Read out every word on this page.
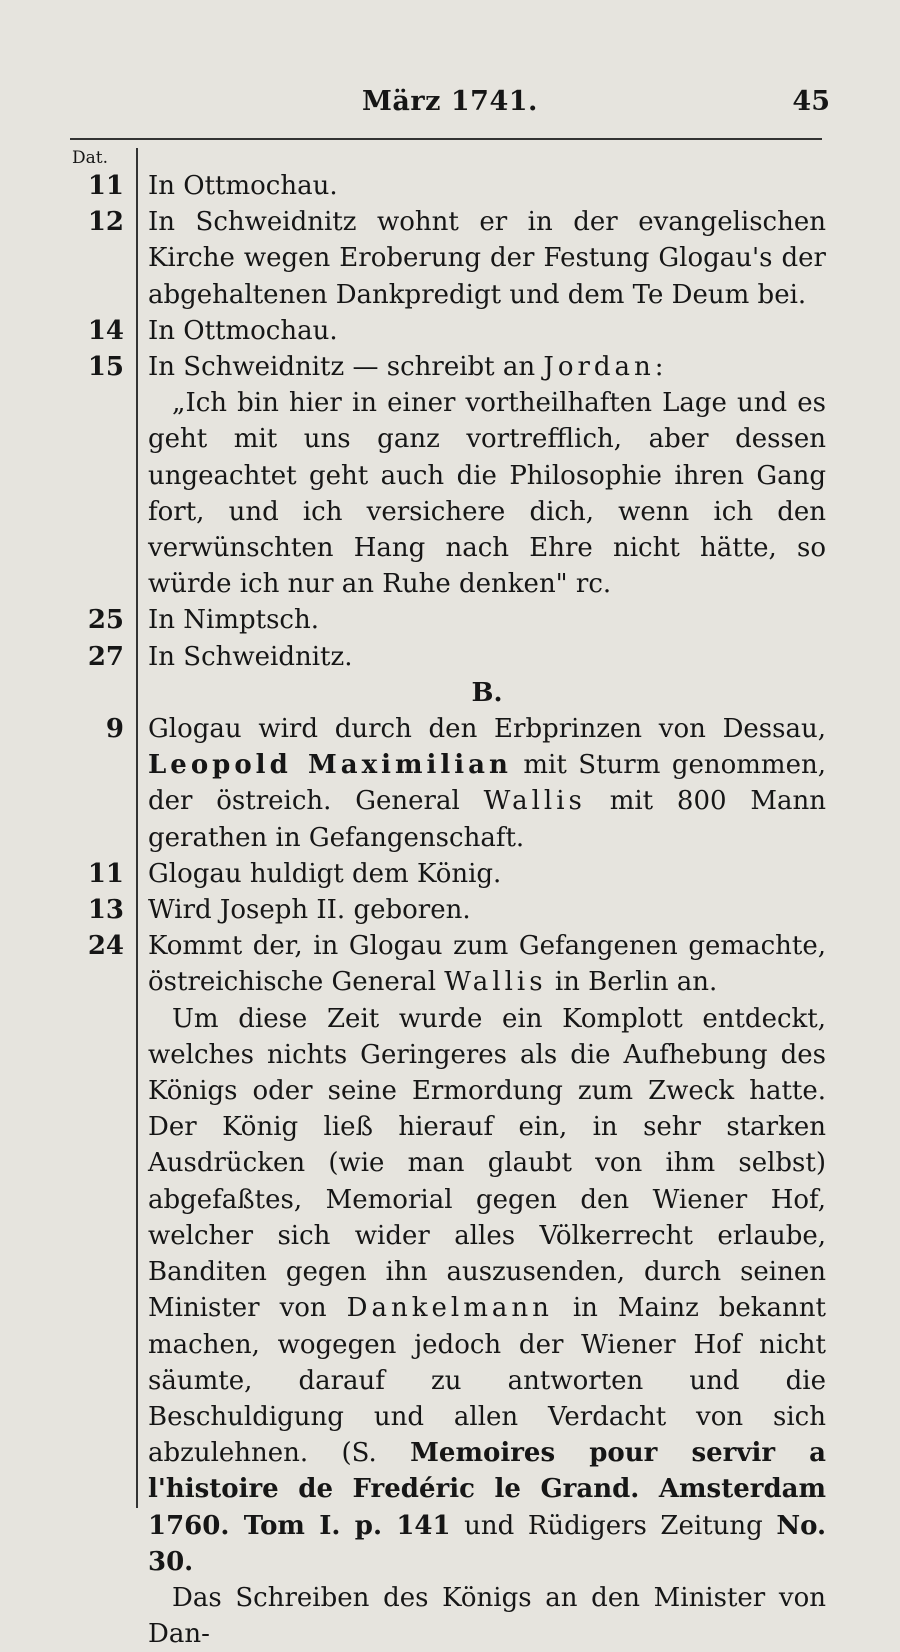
März 1741.	45
Dat.
11 In Ottmochau.
12 In Schweidnitz wohnt er in der evangelischen Kirche wegen Eroberung der Festung Glogau's der abgehaltenen Dankpredigt und dem Te Deum bei.
14 In Ottmochau.
15 In Schweidnitz — schreibt an Jordan:
„Ich bin hier in einer vortheilhaften Lage und es geht mit uns ganz vortrefflich, aber dessen ungeachtet geht auch die Philosophie ihren Gang fort, und ich versichere dich, wenn ich den verwünschten Hang nach Ehre nicht hätte, so würde ich nur an Ruhe denken" rc.
25 In Nimptsch.
27 In Schweidnitz.
B.
9 Glogau wird durch den Erbprinzen von Dessau, Leopold Maximilian mit Sturm genommen, der östreich. General Wallis mit 800 Mann gerathen in Gefangenschaft.
11 Glogau huldigt dem König.
13 Wird Joseph II. geboren.
24 Kommt der, in Glogau zum Gefangenen gemachte, östreichische General Wallis in Berlin an.
Um diese Zeit wurde ein Komplott entdeckt, welches nichts Geringeres als die Aufhebung des Königs oder seine Ermordung zum Zweck hatte. Der König ließ hierauf ein, in sehr starken Ausdrücken (wie man glaubt von ihm selbst) abgefaßtes, Memorial gegen den Wiener Hof, welcher sich wider alles Völkerrecht erlaube, Banditen gegen ihn auszusenden, durch seinen Minister von Dankelmann in Mainz bekannt machen, wogegen jedoch der Wiener Hof nicht säumte, darauf zu antworten und die Beschuldigung und allen Verdacht von sich abzulehnen. (S. Memoires pour servir a l'histoire de Fredéric le Grand. Amsterdam 1760. Tom I. p. 141 und Rüdigers Zeitung No. 30.
Das Schreiben des Königs an den Minister von Dan-
